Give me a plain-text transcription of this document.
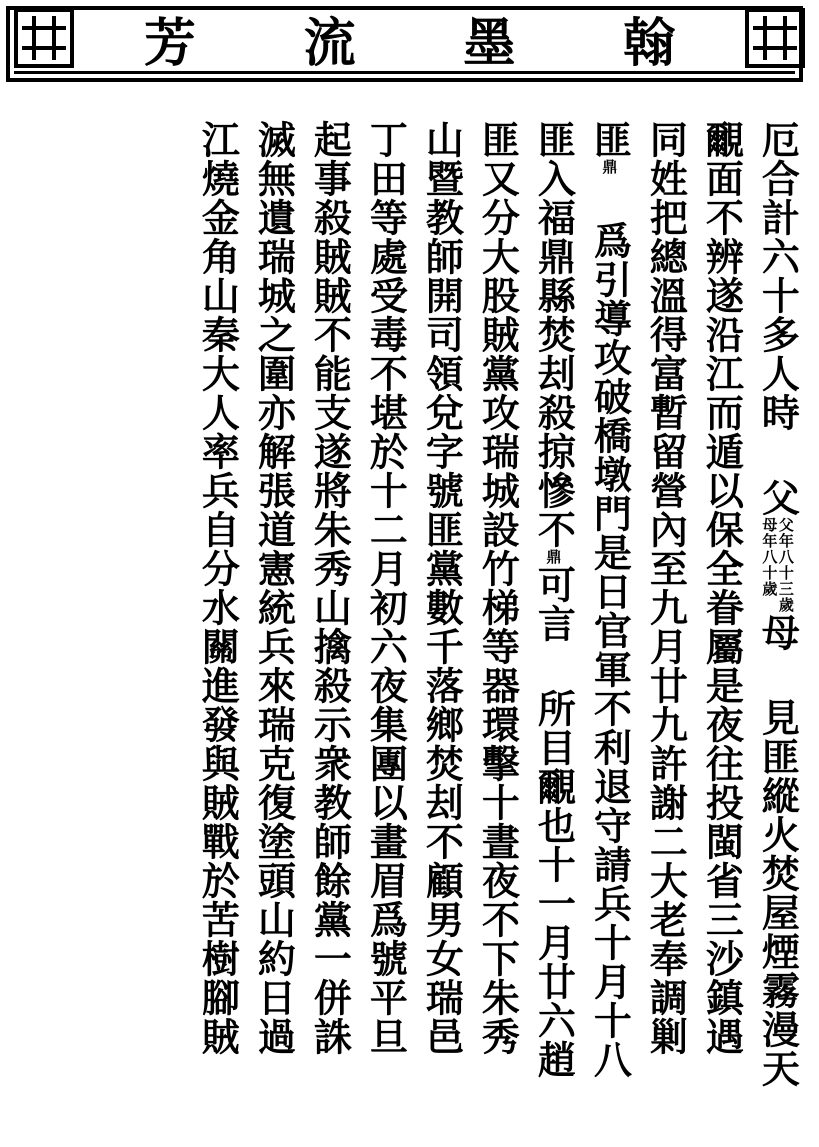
翰
墨
流
芳
厄合計六十多人時 父
父年八十三歲
母年八十歲
母 見匪縱火焚屋煙霧漫天
覼面不辨遂沿江而遁以保全眷屬是夜往投閩省三沙鎮遇
同姓把總溫得富暫留營內至九月廿九許謝二大老奉調剿
匪鼎 爲引導攻破橋墩門是日官軍不利退守請兵十月十八
匪入福鼎縣焚刦殺掠慘不鼎可言 所目覼也十一月廿六趙
匪又分大股賊黨攻瑞城設竹梯等器環擊十晝夜不下朱秀
山暨教師開司領兌字號匪黨數千落鄉焚刦不顧男女瑞邑
丁田等處受毒不堪於十二月初六夜集團以畫眉爲號平旦
起事殺賊賊不能支遂將朱秀山擒殺示衆教師餘黨一併誅
滅無遺瑞城之圍亦解張道憲統兵來瑞克復塗頭山約日過
江燒金角山秦大人率兵自分水關進發與賊戰於苦樹腳賊
